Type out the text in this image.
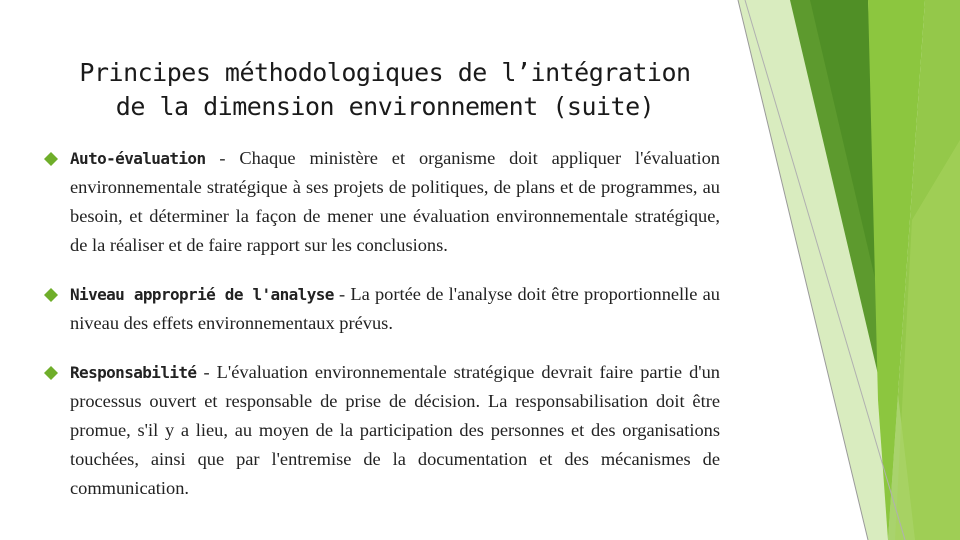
Principes méthodologiques de l’intégration de la dimension environnement (suite)
Auto-évaluation - Chaque ministère et organisme doit appliquer l'évaluation environnementale stratégique à ses projets de politiques, de plans et de programmes, au besoin, et déterminer la façon de mener une évaluation environnementale stratégique, de la réaliser et de faire rapport sur les conclusions.
Niveau approprié de l'analyse - La portée de l'analyse doit être proportionnelle au niveau des effets environnementaux prévus.
Responsabilité - L'évaluation environnementale stratégique devrait faire partie d'un processus ouvert et responsable de prise de décision. La responsabilisation doit être promue, s'il y a lieu, au moyen de la participation des personnes et des organisations touchées, ainsi que par l'entremise de la documentation et des mécanismes de communication.
